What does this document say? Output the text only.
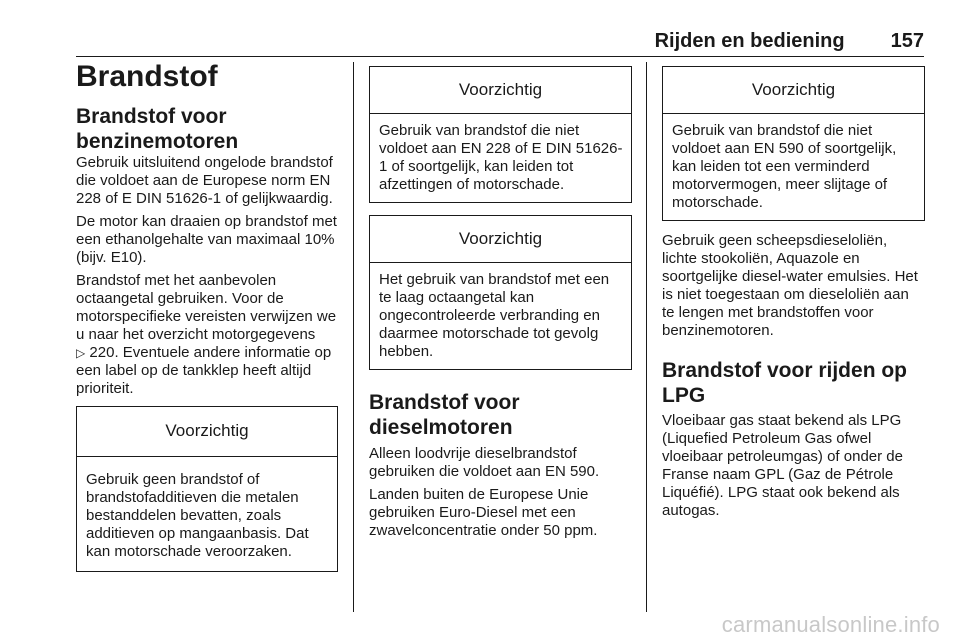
Rijden en bediening 157
Brandstof
Brandstof voor benzinemotoren

Gebruik uitsluitend ongelode brandstof die voldoet aan de Europese norm EN 228 of E DIN 51626-1 of gelijkwaardig.

De motor kan draaien op brandstof met een ethanolgehalte van maximaal 10% (bijv. E10).

Brandstof met het aanbevolen octaangetal gebruiken. Voor de motorspecifieke vereisten verwijzen we u naar het overzicht motorgegevens
▷ 220. Eventuele andere informatie op een label op de tankklep heeft altijd prioriteit.

Voorzichtig
Gebruik geen brandstof of brandstofadditieven die metalen bestanddelen bevatten, zoals additieven op mangaanbasis. Dat kan motorschade veroorzaken.
Voorzichtig
Gebruik van brandstof die niet voldoet aan EN 228 of E DIN 51626-1 of soortgelijk, kan leiden tot afzettingen of motorschade.
Voorzichtig
Het gebruik van brandstof met een te laag octaangetal kan ongecontroleerde verbranding en daarmee motorschade tot gevolg hebben.
Brandstof voor dieselmotoren

Alleen loodvrije dieselbrandstof gebruiken die voldoet aan EN 590.

Landen buiten de Europese Unie gebruiken Euro-Diesel met een zwavelconcentratie onder 50 ppm.

Voorzichtig
Gebruik van brandstof die niet voldoet aan EN 590 of soortgelijk, kan leiden tot een verminderd motorvermogen, meer slijtage of motorschade.

Gebruik geen scheepsdieseloliën, lichte stookoliën, Aquazole en soortgelijke diesel-water emulsies. Het is niet toegestaan om dieseloliën aan te lengen met brandstoffen voor benzinemotoren.

Brandstof voor rijden op LPG

Vloeibaar gas staat bekend als LPG (Liquefied Petroleum Gas ofwel vloeibaar petroleumgas) of onder de Franse naam GPL (Gaz de Pétrole Liquéfié). LPG staat ook bekend als autogas.

carmanualsonline.info
